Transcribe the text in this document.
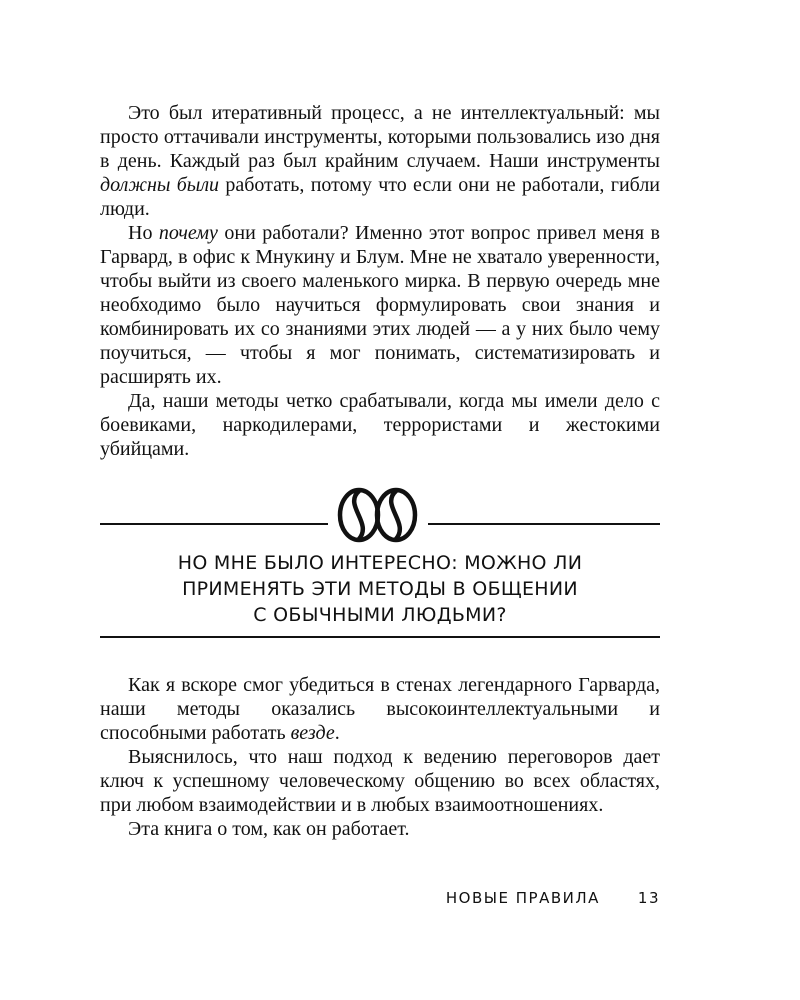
Это был итеративный процесс, а не интеллектуальный: мы просто оттачивали инструменты, которыми пользовались изо дня в день. Каждый раз был крайним случаем. Наши инструменты должны были работать, потому что если они не работали, гибли люди.

Но почему они работали? Именно этот вопрос привел меня в Гарвард, в офис к Мнукину и Блум. Мне не хватало уверенности, чтобы выйти из своего маленького мирка. В первую очередь мне необходимо было научиться формулировать свои знания и комбинировать их со знаниями этих людей — а у них было чему поучиться, — чтобы я мог понимать, систематизировать и расширять их.

Да, наши методы четко срабатывали, когда мы имели дело с боевиками, наркодилерами, террористами и жестокими убийцами.

НО МНЕ БЫЛО ИНТЕРЕСНО: МОЖНО ЛИ
ПРИМЕНЯТЬ ЭТИ МЕТОДЫ В ОБЩЕНИИ
С ОБЫЧНЫМИ ЛЮДЬМИ?

Как я вскоре смог убедиться в стенах легендарного Гарварда, наши методы оказались высокоинтеллектуальными и способными работать везде.

Выяснилось, что наш подход к ведению переговоров дает ключ к успешному человеческому общению во всех областях, при любом взаимодействии и в любых взаимоотношениях.

Эта книга о том, как он работает.

НОВЫЕ ПРАВИЛА	13
